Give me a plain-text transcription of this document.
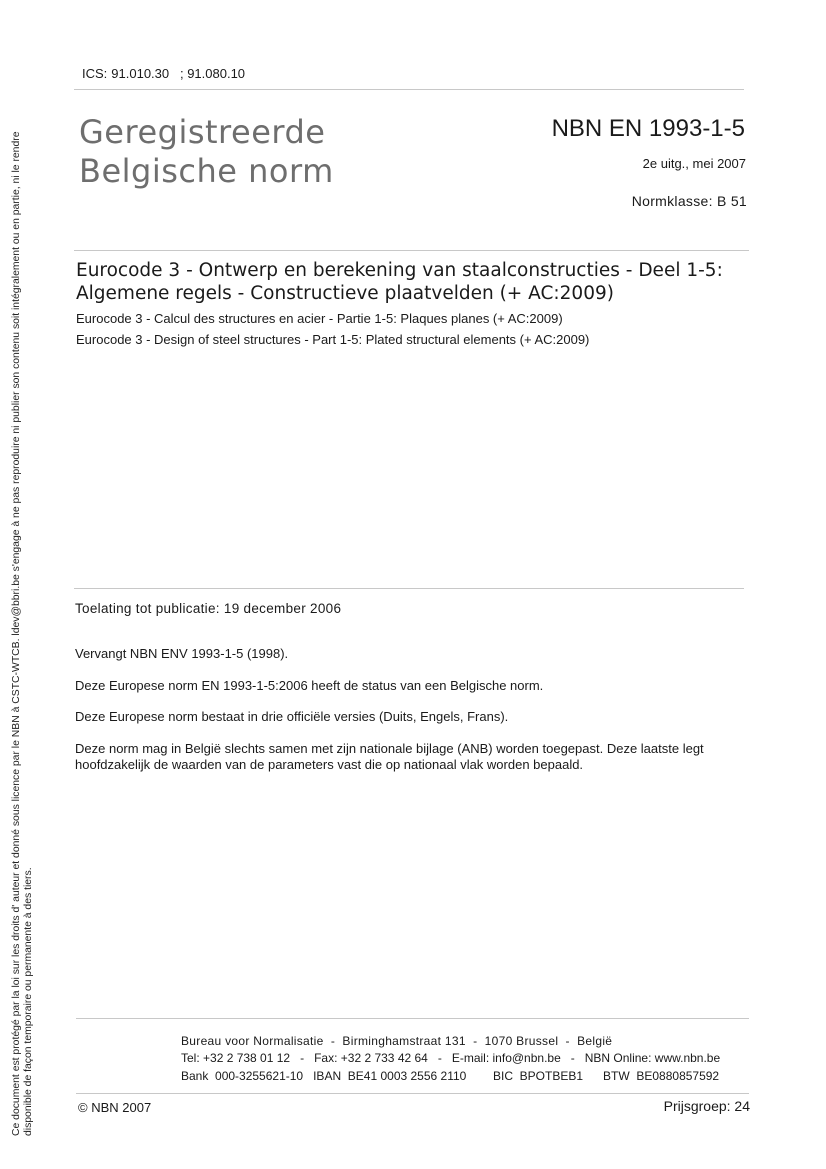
Ce document est protégé par la loi sur les droits d' auteur et donné sous licence par le NBN à CSTC-WTCB. ldev@bbri.be s'engage à ne pas reproduire ni publier son contenu soit intégralement ou en partie, ni le rendre disponible de façon temporaire ou permanente à des tiers.
ICS: 91.010.30   ; 91.080.10
Geregistreerde
Belgische norm
NBN EN 1993-1-5
2e uitg., mei 2007
Normklasse: B 51
Eurocode 3 - Ontwerp en berekening van staalconstructies - Deel 1-5: Algemene regels - Constructieve plaatvelden (+ AC:2009)
Eurocode 3 - Calcul des structures en acier - Partie 1-5: Plaques planes (+ AC:2009)
Eurocode 3 - Design of steel structures - Part 1-5: Plated structural elements (+ AC:2009)
Toelating tot publicatie: 19 december 2006
Vervangt NBN ENV 1993-1-5 (1998).
Deze Europese norm EN 1993-1-5:2006 heeft de status van een Belgische norm.
Deze Europese norm bestaat in drie officiële versies (Duits, Engels, Frans).
Deze norm mag in België slechts samen met zijn nationale bijlage (ANB) worden toegepast. Deze laatste legt hoofdzakelijk de waarden van de parameters vast die op nationaal vlak worden bepaald.
Bureau voor Normalisatie  -  Birminghamstraat 131  -  1070 Brussel  -  België
Tel: +32 2 738 01 12   -   Fax: +32 2 733 42 64   -   E-mail: info@nbn.be   -   NBN Online: www.nbn.be
Bank  000-3255621-10   IBAN  BE41 0003 2556 2110        BIC  BPOTBEB1      BTW  BE0880857592
© NBN 2007	Prijsgroep: 24
